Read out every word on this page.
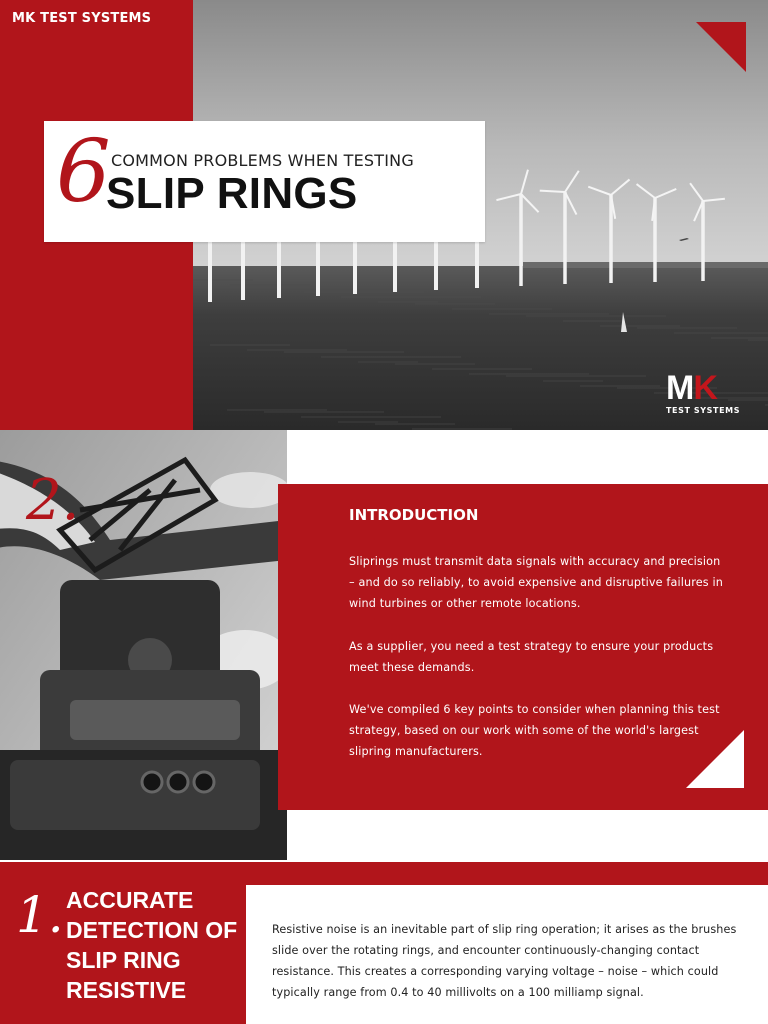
MK TEST SYSTEMS
6 COMMON PROBLEMS WHEN TESTING
SLIP RINGS
MK
TEST SYSTEMS
2.	INTRODUCTION

Sliprings must transmit data signals with accuracy and precision – and do so reliably, to avoid expensive and disruptive failures in wind turbines or other remote locations.

As a supplier, you need a test strategy to ensure your products meet these demands.

We've compiled 6 key points to consider when planning this test strategy, based on our work with some of the world's largest slipring manufacturers.

1. ACCURATE DETECTION OF SLIP RING RESISTIVE

Resistive noise is an inevitable part of slip ring operation; it arises as the brushes slide over the rotating rings, and encounter continuously-changing contact resistance. This creates a corresponding varying voltage – noise – which could typically range from 0.4 to 40 millivolts on a 100 milliamp signal.
